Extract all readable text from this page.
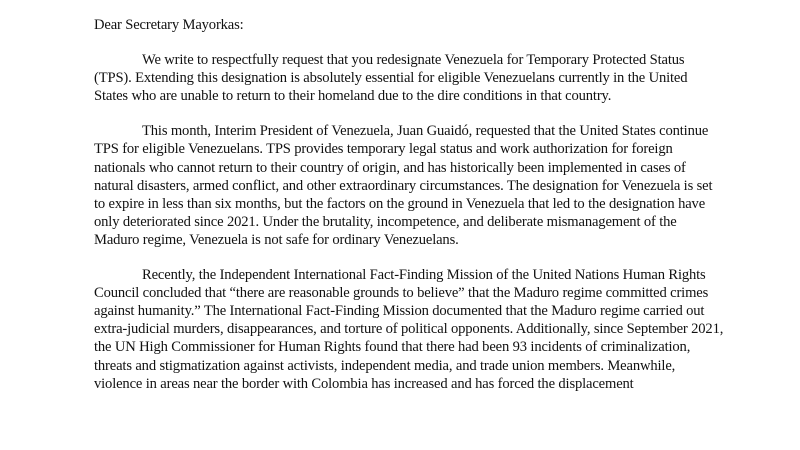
Dear Secretary Mayorkas:

We write to respectfully request that you redesignate Venezuela for Temporary Protected Status (TPS). Extending this designation is absolutely essential for eligible Venezuelans currently in the United States who are unable to return to their homeland due to the dire conditions in that country.

This month, Interim President of Venezuela, Juan Guaidó, requested that the United States continue TPS for eligible Venezuelans. TPS provides temporary legal status and work authorization for foreign nationals who cannot return to their country of origin, and has historically been implemented in cases of natural disasters, armed conflict, and other extraordinary circumstances. The designation for Venezuela is set to expire in less than six months, but the factors on the ground in Venezuela that led to the designation have only deteriorated since 2021. Under the brutality, incompetence, and deliberate mismanagement of the Maduro regime, Venezuela is not safe for ordinary Venezuelans.

Recently, the Independent International Fact-Finding Mission of the United Nations Human Rights Council concluded that “there are reasonable grounds to believe” that the Maduro regime committed crimes against humanity.” The International Fact-Finding Mission documented that the Maduro regime carried out extra-judicial murders, disappearances, and torture of political opponents. Additionally, since September 2021, the UN High Commissioner for Human Rights found that there had been 93 incidents of criminalization, threats and stigmatization against activists, independent media, and trade union members. Meanwhile, violence in areas near the border with Colombia has increased and has forced the displacement
